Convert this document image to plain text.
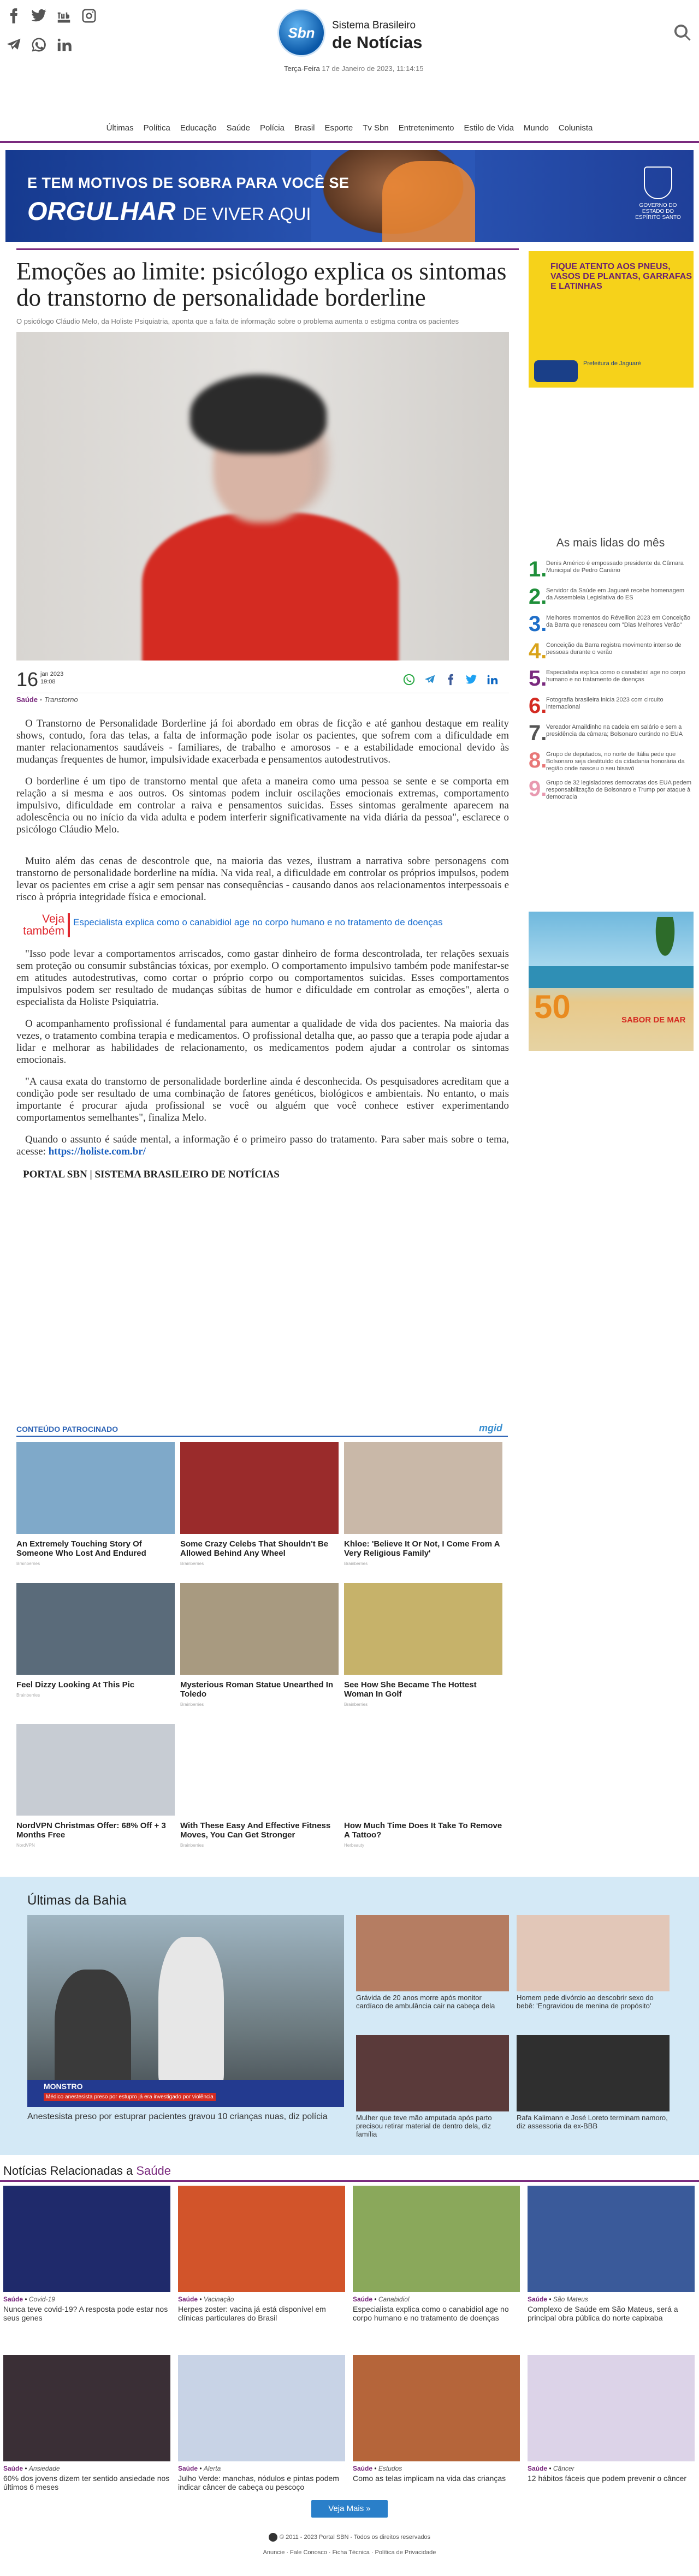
Sbn	Sistema Brasileiro
de Notícias
Terça-Feira 17 de Janeiro de 2023, 11:14:15
Últimas Política Educação Saúde Polícia Brasil Esporte Tv Sbn Entretenimento Estilo de Vida Mundo Colunista
E TEM MOTIVOS DE SOBRA PARA VOCÊ SE
ORGULHAR DE VIVER AQUI	GOVERNO DO ESTADO DO ESPÍRITO SANTO
Emoções ao limite: psicólogo explica os sintomas do transtorno de personalidade borderline
O psicólogo Cláudio Melo, da Holiste Psiquiatria, aponta que a falta de informação sobre o problema aumenta o estigma contra os pacientes
16 jan 2023
19:08
Saúde • Transtorno

O Transtorno de Personalidade Borderline já foi abordado em obras de ficção e até ganhou destaque em reality shows, contudo, fora das telas, a falta de informação pode isolar os pacientes, que sofrem com a dificuldade em manter relacionamentos saudáveis - familiares, de trabalho e amorosos - e a estabilidade emocional devido às mudanças frequentes de humor, impulsividade exacerbada e pensamentos autodestrutivos.

O borderline é um tipo de transtorno mental que afeta a maneira como uma pessoa se sente e se comporta em relação a si mesma e aos outros. Os sintomas podem incluir oscilações emocionais extremas, comportamento impulsivo, dificuldade em controlar a raiva e pensamentos suicidas. Esses sintomas geralmente aparecem na adolescência ou no início da vida adulta e podem interferir significativamente na vida diária da pessoa", esclarece o psicólogo Cláudio Melo.

Muito além das cenas de descontrole que, na maioria das vezes, ilustram a narrativa sobre personagens com transtorno de personalidade borderline na mídia. Na vida real, a dificuldade em controlar os próprios impulsos, podem levar os pacientes em crise a agir sem pensar nas consequências - causando danos aos relacionamentos interpessoais e risco à própria integridade física e emocional.

Veja também
Especialista explica como o canabidiol age no corpo humano e no tratamento de doenças

"Isso pode levar a comportamentos arriscados, como gastar dinheiro de forma descontrolada, ter relações sexuais sem proteção ou consumir substâncias tóxicas, por exemplo. O comportamento impulsivo também pode manifestar-se em atitudes autodestrutivas, como cortar o próprio corpo ou comportamentos suicidas. Esses comportamentos impulsivos podem ser resultado de mudanças súbitas de humor e dificuldade em controlar as emoções", alerta o especialista da Holiste Psiquiatria.

O acompanhamento profissional é fundamental para aumentar a qualidade de vida dos pacientes. Na maioria das vezes, o tratamento combina terapia e medicamentos. O profissional detalha que, ao passo que a terapia pode ajudar a lidar e melhorar as habilidades de relacionamento, os medicamentos podem ajudar a controlar os sintomas emocionais.

"A causa exata do transtorno de personalidade borderline ainda é desconhecida. Os pesquisadores acreditam que a condição pode ser resultado de uma combinação de fatores genéticos, biológicos e ambientais. No entanto, o mais importante é procurar ajuda profissional se você ou alguém que você conhece estiver experimentando comportamentos semelhantes", finaliza Melo.

Quando o assunto é saúde mental, a informação é o primeiro passo do tratamento. Para saber mais sobre o tema, acesse: https://holiste.com.br/

PORTAL SBN | SISTEMA BRASILEIRO DE NOTÍCIAS
CONTEÚDO PATROCINADO	mgid
An Extremely Touching Story Of Someone Who Lost And Endured
Brainberries
Some Crazy Celebs That Shouldn't Be Allowed Behind Any Wheel
Brainberries
Khloe: 'Believe It Or Not, I Come From A Very Religious Family'
Brainberries
Feel Dizzy Looking At This Pic
Brainberries
Mysterious Roman Statue Unearthed In Toledo
Brainberries
See How She Became The Hottest Woman In Golf
Brainberries
NordVPN Christmas Offer: 68% Off + 3 Months Free
NordVPN
With These Easy And Effective Fitness Moves, You Can Get Stronger
Brainberries
How Much Time Does It Take To Remove A Tattoo?
Herbeauty
FIQUE ATENTO AOS PNEUS, VASOS DE PLANTAS, GARRAFAS E LATINHAS
Prefeitura de Jaguaré
As mais lidas do mês
1.
Denis Américo é empossado presidente da Câmara Municipal de Pedro Canário
2.
Servidor da Saúde em Jaguaré recebe homenagem da Assembleia Legislativa do ES
3.
Melhores momentos do Réveillon 2023 em Conceição da Barra que renasceu com "Dias Melhores Verão"
4.
Conceição da Barra registra movimento intenso de pessoas durante o verão
5.
Especialista explica como o canabidiol age no corpo humano e no tratamento de doenças
6.
Fotografia brasileira inicia 2023 com circuito internacional
7.
Vereador Amaildinho na cadeia em salário e sem a presidência da câmara; Bolsonaro curtindo no EUA
8.
Grupo de deputados, no norte de Itália pede que Bolsonaro seja destituído da cidadania honorária da região onde nasceu o seu bisavô
9.
Grupo de 32 legisladores democratas dos EUA pedem responsabilização de Bolsonaro e Trump por ataque à democracia
50	SABOR DE MAR
Últimas da Bahia
MONSTRO
Médico anestesista preso por estupro já era investigado por violência
Anestesista preso por estuprar pacientes gravou 10 crianças nuas, diz polícia
Grávida de 20 anos morre após monitor cardíaco de ambulância cair na cabeça dela
Homem pede divórcio ao descobrir sexo do bebê: 'Engravidou de menina de propósito'
Mulher que teve mão amputada após parto precisou retirar material de dentro dela, diz família
Rafa Kalimann e José Loreto terminam namoro, diz assessoria da ex-BBB
Notícias Relacionadas a Saúde
Saúde • Covid-19
Nunca teve covid-19? A resposta pode estar nos seus genes
Saúde • Vacinação
Herpes zoster: vacina já está disponível em clínicas particulares do Brasil
Saúde • Canabidiol
Especialista explica como o canabidiol age no corpo humano e no tratamento de doenças
Saúde • São Mateus
Complexo de Saúde em São Mateus, será a principal obra pública do norte capixaba
Saúde • Ansiedade
60% dos jovens dizem ter sentido ansiedade nos últimos 6 meses
Saúde • Alerta
Julho Verde: manchas, nódulos e pintas podem indicar câncer de cabeça ou pescoço
Saúde • Estudos
Como as telas implicam na vida das crianças
Saúde • Câncer
12 hábitos fáceis que podem prevenir o câncer
Veja Mais »
© 2011 - 2023 Portal SBN - Todos os direitos reservados
Anuncie · Fale Conosco · Ficha Técnica · Política de Privacidade
